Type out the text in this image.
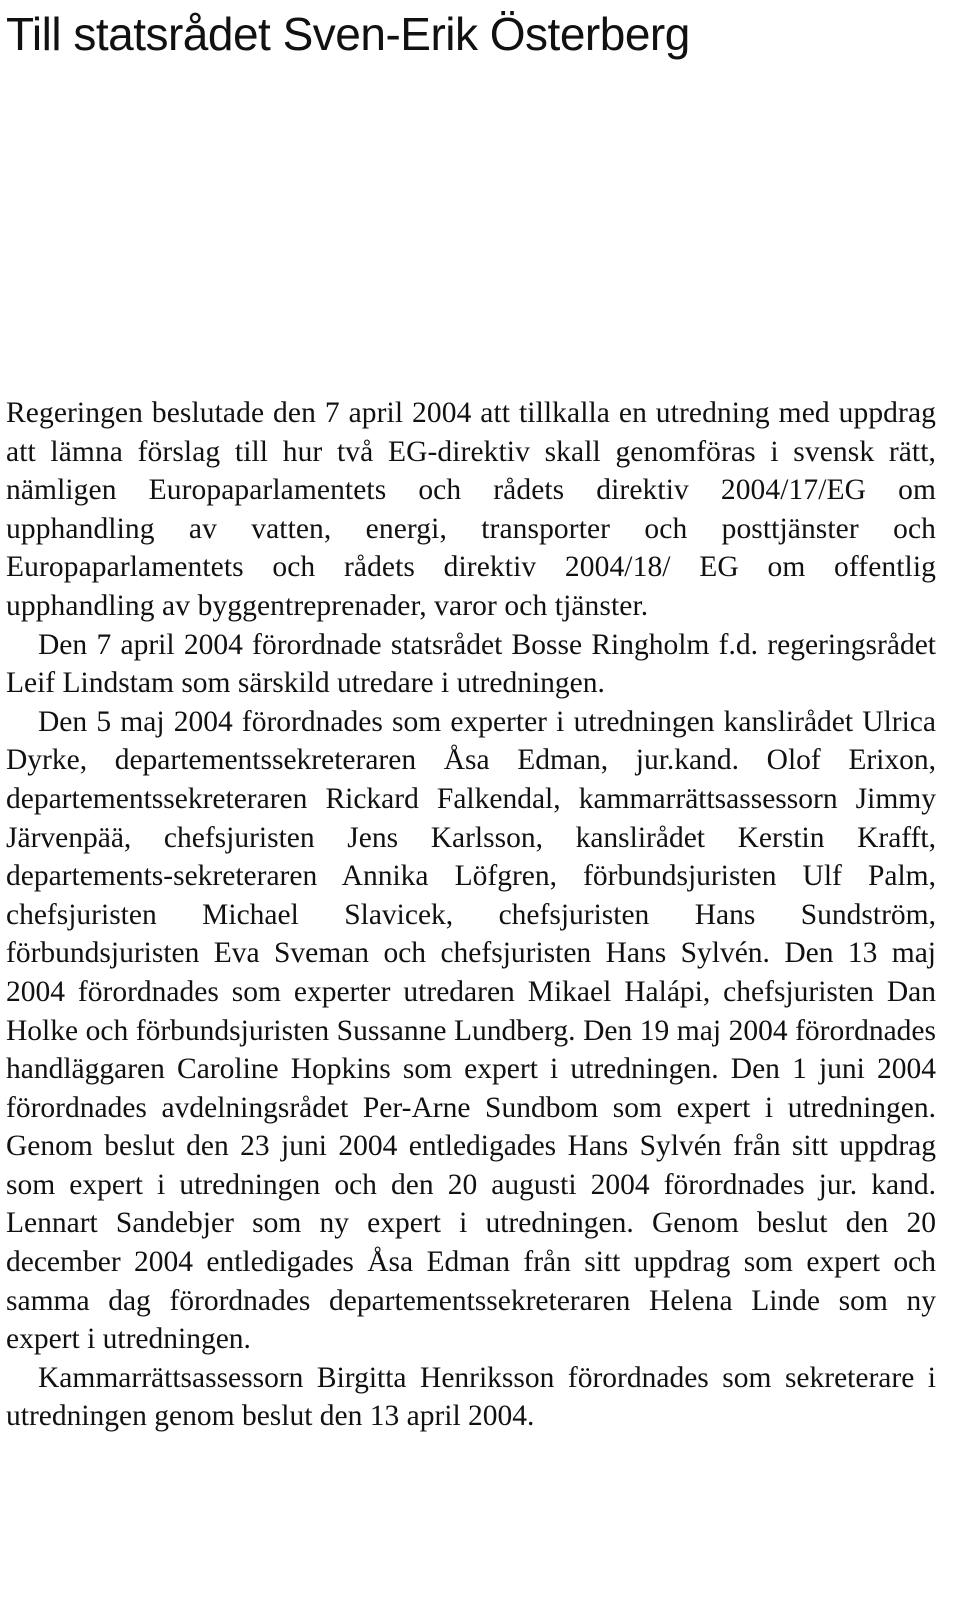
Till statsrådet Sven-Erik Österberg

Regeringen beslutade den 7 april 2004 att tillkalla en utredning med uppdrag att lämna förslag till hur två EG-direktiv skall genomföras i svensk rätt, nämligen Europaparlamentets och rådets direktiv 2004/17/EG om upphandling av vatten, energi, transporter och posttjänster och Europaparlamentets och rådets direktiv 2004/18/ EG om offentlig upphandling av byggentreprenader, varor och tjänster.

Den 7 april 2004 förordnade statsrådet Bosse Ringholm f.d. regeringsrådet Leif Lindstam som särskild utredare i utredningen.

Den 5 maj 2004 förordnades som experter i utredningen kanslirådet Ulrica Dyrke, departementssekreteraren Åsa Edman, jur.kand. Olof Erixon, departementssekreteraren Rickard Falkendal, kammarrättsassessorn Jimmy Järvenpää, chefsjuristen Jens Karlsson, kanslirådet Kerstin Krafft, departements-sekreteraren Annika Löfgren, förbundsjuristen Ulf Palm, chefsjuristen Michael Slavicek, chefsjuristen Hans Sundström, förbundsjuristen Eva Sveman och chefsjuristen Hans Sylvén. Den 13 maj 2004 förordnades som experter utredaren Mikael Halápi, chefsjuristen Dan Holke och förbundsjuristen Sussanne Lundberg. Den 19 maj 2004 förordnades handläggaren Caroline Hopkins som expert i utredningen. Den 1 juni 2004 förordnades avdelningsrådet Per-Arne Sundbom som expert i utredningen. Genom beslut den 23 juni 2004 entledigades Hans Sylvén från sitt uppdrag som expert i utredningen och den 20 augusti 2004 förordnades jur. kand. Lennart Sandebjer som ny expert i utredningen. Genom beslut den 20 december 2004 entledigades Åsa Edman från sitt uppdrag som expert och samma dag förordnades departementssekreteraren Helena Linde som ny expert i utredningen.

Kammarrättsassessorn Birgitta Henriksson förordnades som sekreterare i utredningen genom beslut den 13 april 2004.
